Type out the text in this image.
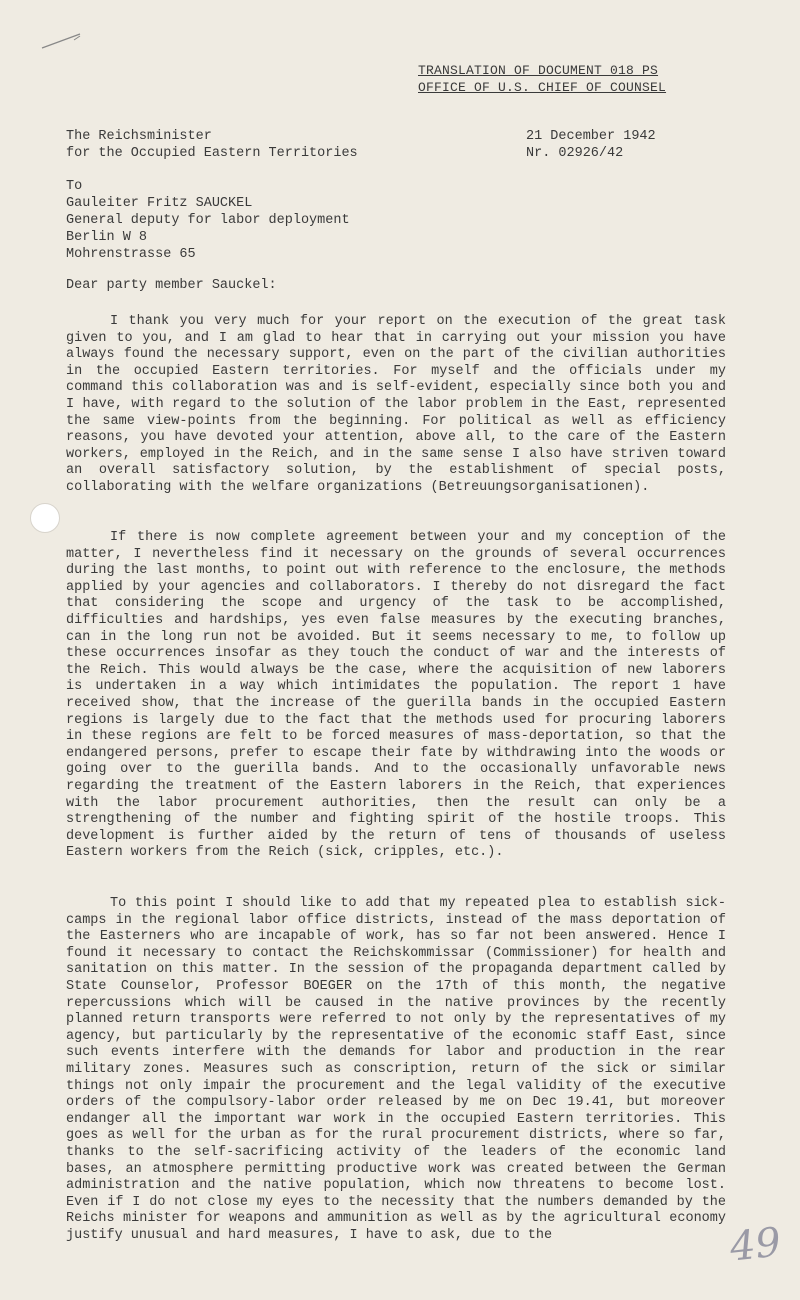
TRANSLATION OF DOCUMENT 018 PS
OFFICE OF U.S. CHIEF OF COUNSEL
The Reichsminister
for the Occupied Eastern Territories
21 December 1942
Nr. 02926/42
To
Gauleiter Fritz SAUCKEL
General deputy for labor deployment
Berlin W 8
Mohrenstrasse 65
Dear party member Sauckel:

I thank you very much for your report on the execution of the great task given to you, and I am glad to hear that in carrying out your mission you have always found the necessary support, even on the part of the civilian authorities in the occupied Eastern territories. For myself and the officials under my command this collaboration was and is self-evident, especially since both you and I have, with regard to the solution of the labor problem in the East, represented the same view-points from the beginning. For political as well as efficiency reasons, you have devoted your attention, above all, to the care of the Eastern workers, employed in the Reich, and in the same sense I also have striven toward an overall satisfactory solution, by the establishment of special posts, collaborating with the welfare organizations (Betreuungsorganisationen).

If there is now complete agreement between your and my conception of the matter, I nevertheless find it necessary on the grounds of several occurrences during the last months, to point out with reference to the enclosure, the methods applied by your agencies and collaborators. I thereby do not disregard the fact that considering the scope and urgency of the task to be accomplished, difficulties and hardships, yes even false measures by the executing branches, can in the long run not be avoided. But it seems necessary to me, to follow up these occurrences insofar as they touch the conduct of war and the interests of the Reich. This would always be the case, where the acquisition of new laborers is undertaken in a way which intimidates the population. The report 1 have received show, that the increase of the guerilla bands in the occupied Eastern regions is largely due to the fact that the methods used for procuring laborers in these regions are felt to be forced measures of mass-deportation, so that the endangered persons, prefer to escape their fate by withdrawing into the woods or going over to the guerilla bands. And to the occasionally unfavorable news regarding the treatment of the Eastern laborers in the Reich, that experiences with the labor procurement authorities, then the result can only be a strengthening of the number and fighting spirit of the hostile troops. This development is further aided by the return of tens of thousands of useless Eastern workers from the Reich (sick, cripples, etc.).

To this point I should like to add that my repeated plea to establish sick-camps in the regional labor office districts, instead of the mass deportation of the Easterners who are incapable of work, has so far not been answered. Hence I found it necessary to contact the Reichskommissar (Commissioner) for health and sanitation on this matter. In the session of the propaganda department called by State Counselor, Professor BOEGER on the 17th of this month, the negative repercussions which will be caused in the native provinces by the recently planned return transports were referred to not only by the representatives of my agency, but particularly by the representative of the economic staff East, since such events interfere with the demands for labor and production in the rear military zones. Measures such as conscription, return of the sick or similar things not only impair the procurement and the legal validity of the executive orders of the compulsory-labor order released by me on Dec 19.41, but moreover endanger all the important war work in the occupied Eastern territories. This goes as well for the urban as for the rural procurement districts, where so far, thanks to the self-sacrificing activity of the leaders of the economic land bases, an atmosphere permitting productive work was created between the German administration and the native population, which now threatens to become lost. Even if I do not close my eyes to the necessity that the numbers demanded by the Reichs minister for weapons and ammunition as well as by the agricultural economy justify unusual and hard measures, I have to ask, due to the	49
